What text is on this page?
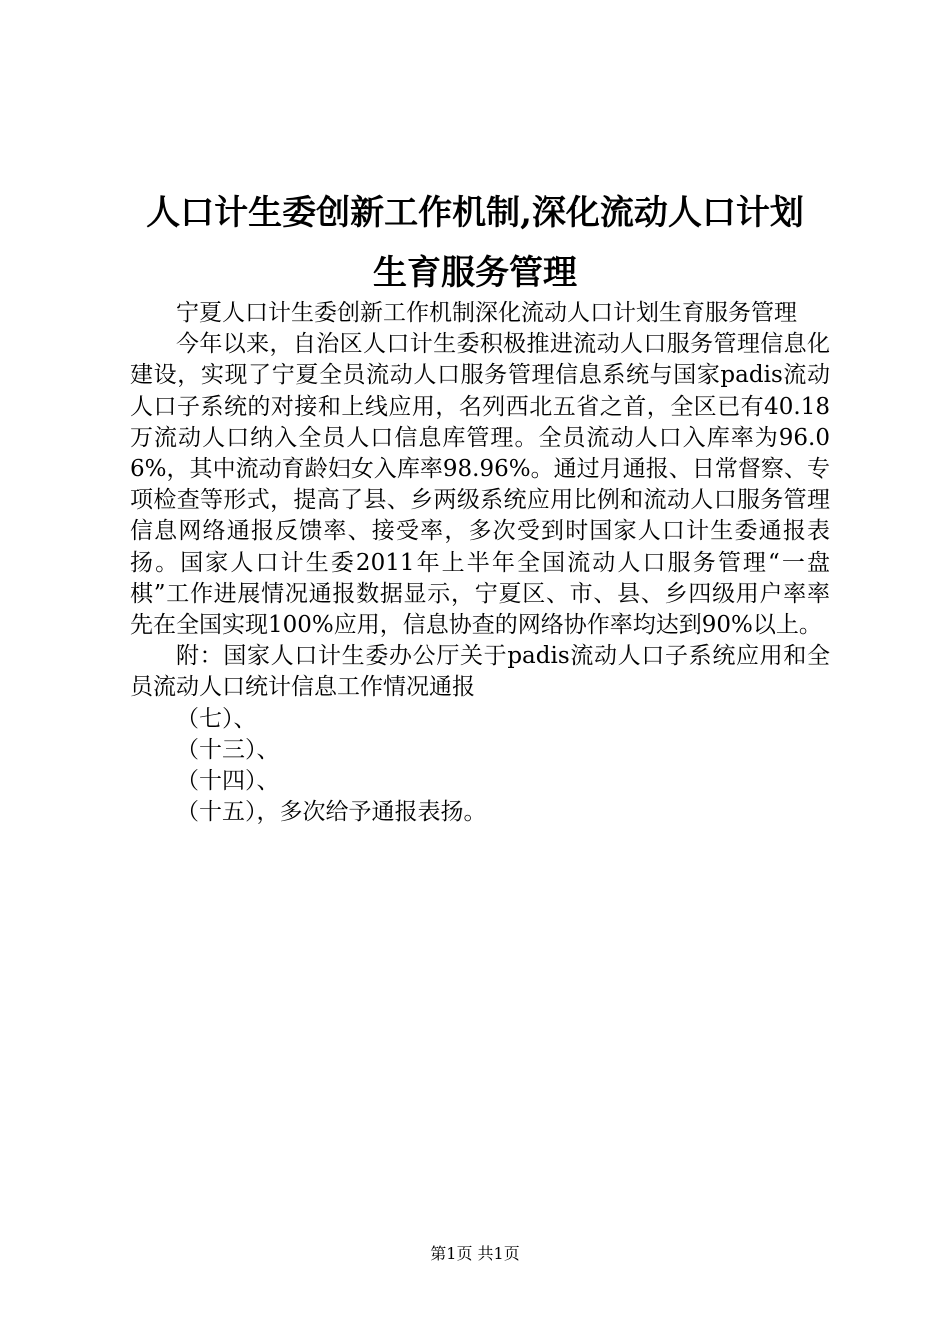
人口计生委创新工作机制,深化流动人口计划
生育服务管理

宁夏人口计生委创新工作机制深化流动人口计划生育服务管理

今年以来，自治区人口计生委积极推进流动人口服务管理信息化建设，实现了宁夏全员流动人口服务管理信息系统与国家padis流动人口子系统的对接和上线应用，名列西北五省之首，全区已有40.18万流动人口纳入全员人口信息库管理。全员流动人口入库率为96.06%，其中流动育龄妇女入库率98.96%。通过月通报、日常督察、专项检查等形式，提高了县、乡两级系统应用比例和流动人口服务管理信息网络通报反馈率、接受率，多次受到时国家人口计生委通报表扬。国家人口计生委2011年上半年全国流动人口服务管理“一盘棋”工作进展情况通报数据显示，宁夏区、市、县、乡四级用户率率先在全国实现100%应用，信息协查的网络协作率均达到90%以上。

附：国家人口计生委办公厅关于padis流动人口子系统应用和全员流动人口统计信息工作情况通报

（七）、

（十三）、

（十四）、

（十五），多次给予通报表扬。

第1页 共1页
